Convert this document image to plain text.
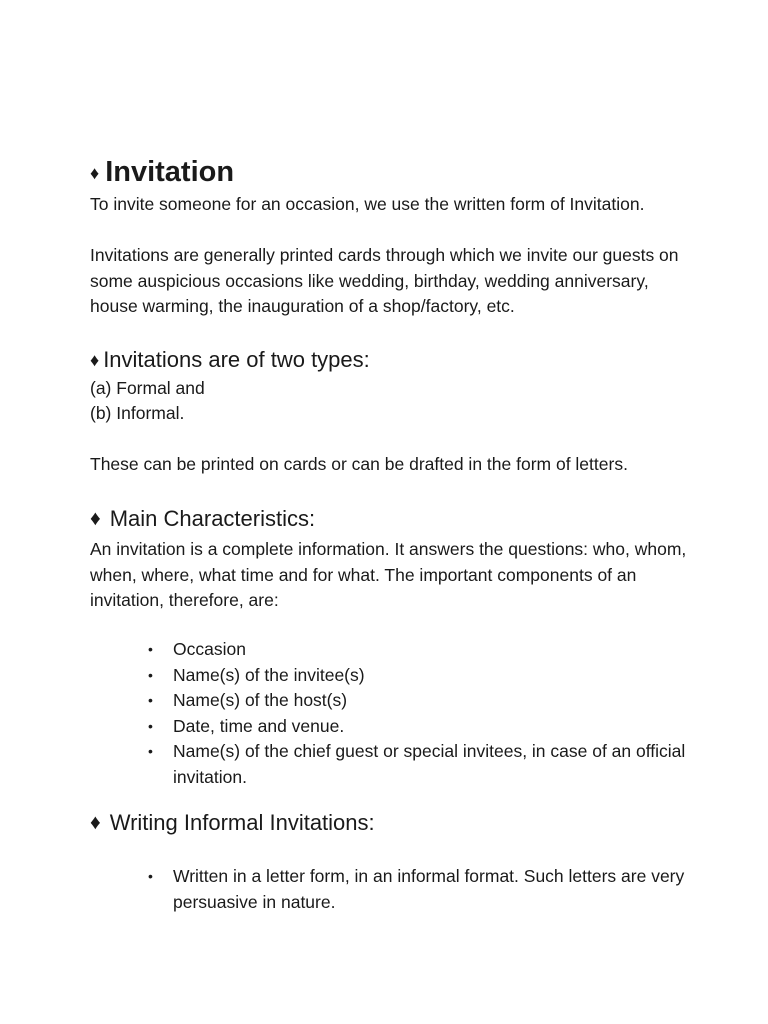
♦ Invitation

To invite someone for an occasion, we use the written form of Invitation.

Invitations are generally printed cards through which we invite our guests on some auspicious occasions like wedding, birthday, wedding anniversary, house warming, the inauguration of a shop/factory, etc.

♦ Invitations are of two types:
(a) Formal and
(b) Informal.
These can be printed on cards or can be drafted in the form of letters.
♦ Main Characteristics:

An invitation is a complete information. It answers the questions: who, whom, when, where, what time and for what. The important components of an invitation, therefore, are:

• Occasion
• Name(s) of the invitee(s)
• Name(s) of the host(s)
• Date, time and venue.
• Name(s) of the chief guest or special invitees, in case of an official invitation.
♦ Writing Informal Invitations:
• Written in a letter form, in an informal format. Such letters are very persuasive in nature.
